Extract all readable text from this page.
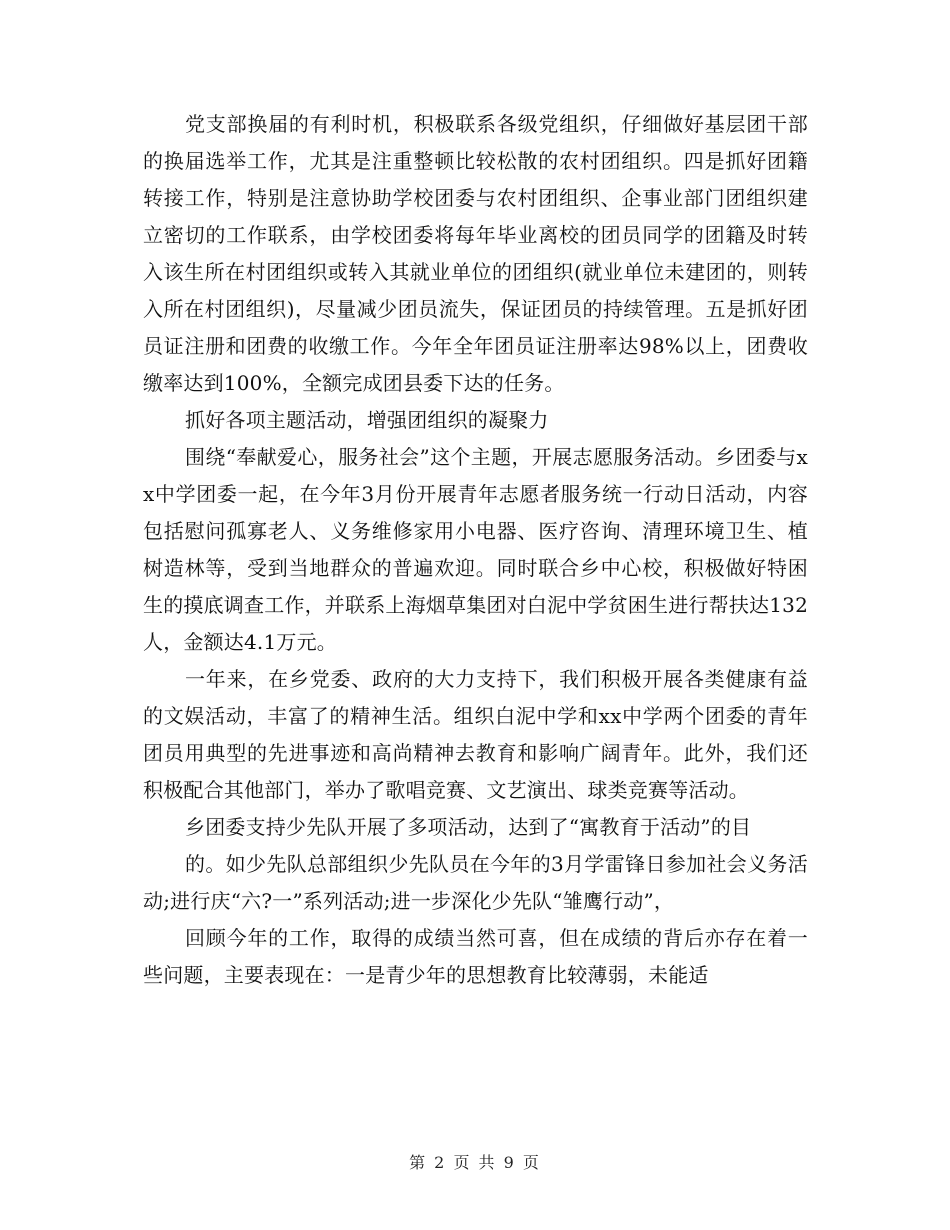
党支部换届的有利时机，积极联系各级党组织，仔细做好基层团干部的换届选举工作，尤其是注重整顿比较松散的农村团组织。四是抓好团籍转接工作，特别是注意协助学校团委与农村团组织、企事业部门团组织建立密切的工作联系，由学校团委将每年毕业离校的团员同学的团籍及时转入该生所在村团组织或转入其就业单位的团组织(就业单位未建团的，则转入所在村团组织)，尽量减少团员流失，保证团员的持续管理。五是抓好团员证注册和团费的收缴工作。今年全年团员证注册率达98%以上，团费收缴率达到100%，全额完成团县委下达的任务。

抓好各项主题活动，增强团组织的凝聚力

围绕“奉献爱心，服务社会”这个主题，开展志愿服务活动。乡团委与xx中学团委一起，在今年3月份开展青年志愿者服务统一行动日活动，内容包括慰问孤寡老人、义务维修家用小电器、医疗咨询、清理环境卫生、植树造林等，受到当地群众的普遍欢迎。同时联合乡中心校，积极做好特困生的摸底调查工作，并联系上海烟草集团对白泥中学贫困生进行帮扶达132人，金额达4.1万元。

一年来，在乡党委、政府的大力支持下，我们积极开展各类健康有益的文娱活动，丰富了的精神生活。组织白泥中学和xx中学两个团委的青年团员用典型的先进事迹和高尚精神去教育和影响广阔青年。此外，我们还积极配合其他部门，举办了歌唱竞赛、文艺演出、球类竞赛等活动。

乡团委支持少先队开展了多项活动，达到了“寓教育于活动”的目

的。如少先队总部组织少先队员在今年的3月学雷锋日参加社会义务活动;进行庆“六?一”系列活动;进一步深化少先队“雏鹰行动”，

回顾今年的工作，取得的成绩当然可喜，但在成绩的背后亦存在着一些问题，主要表现在：一是青少年的思想教育比较薄弱，未能适

第 2 页 共 9 页
